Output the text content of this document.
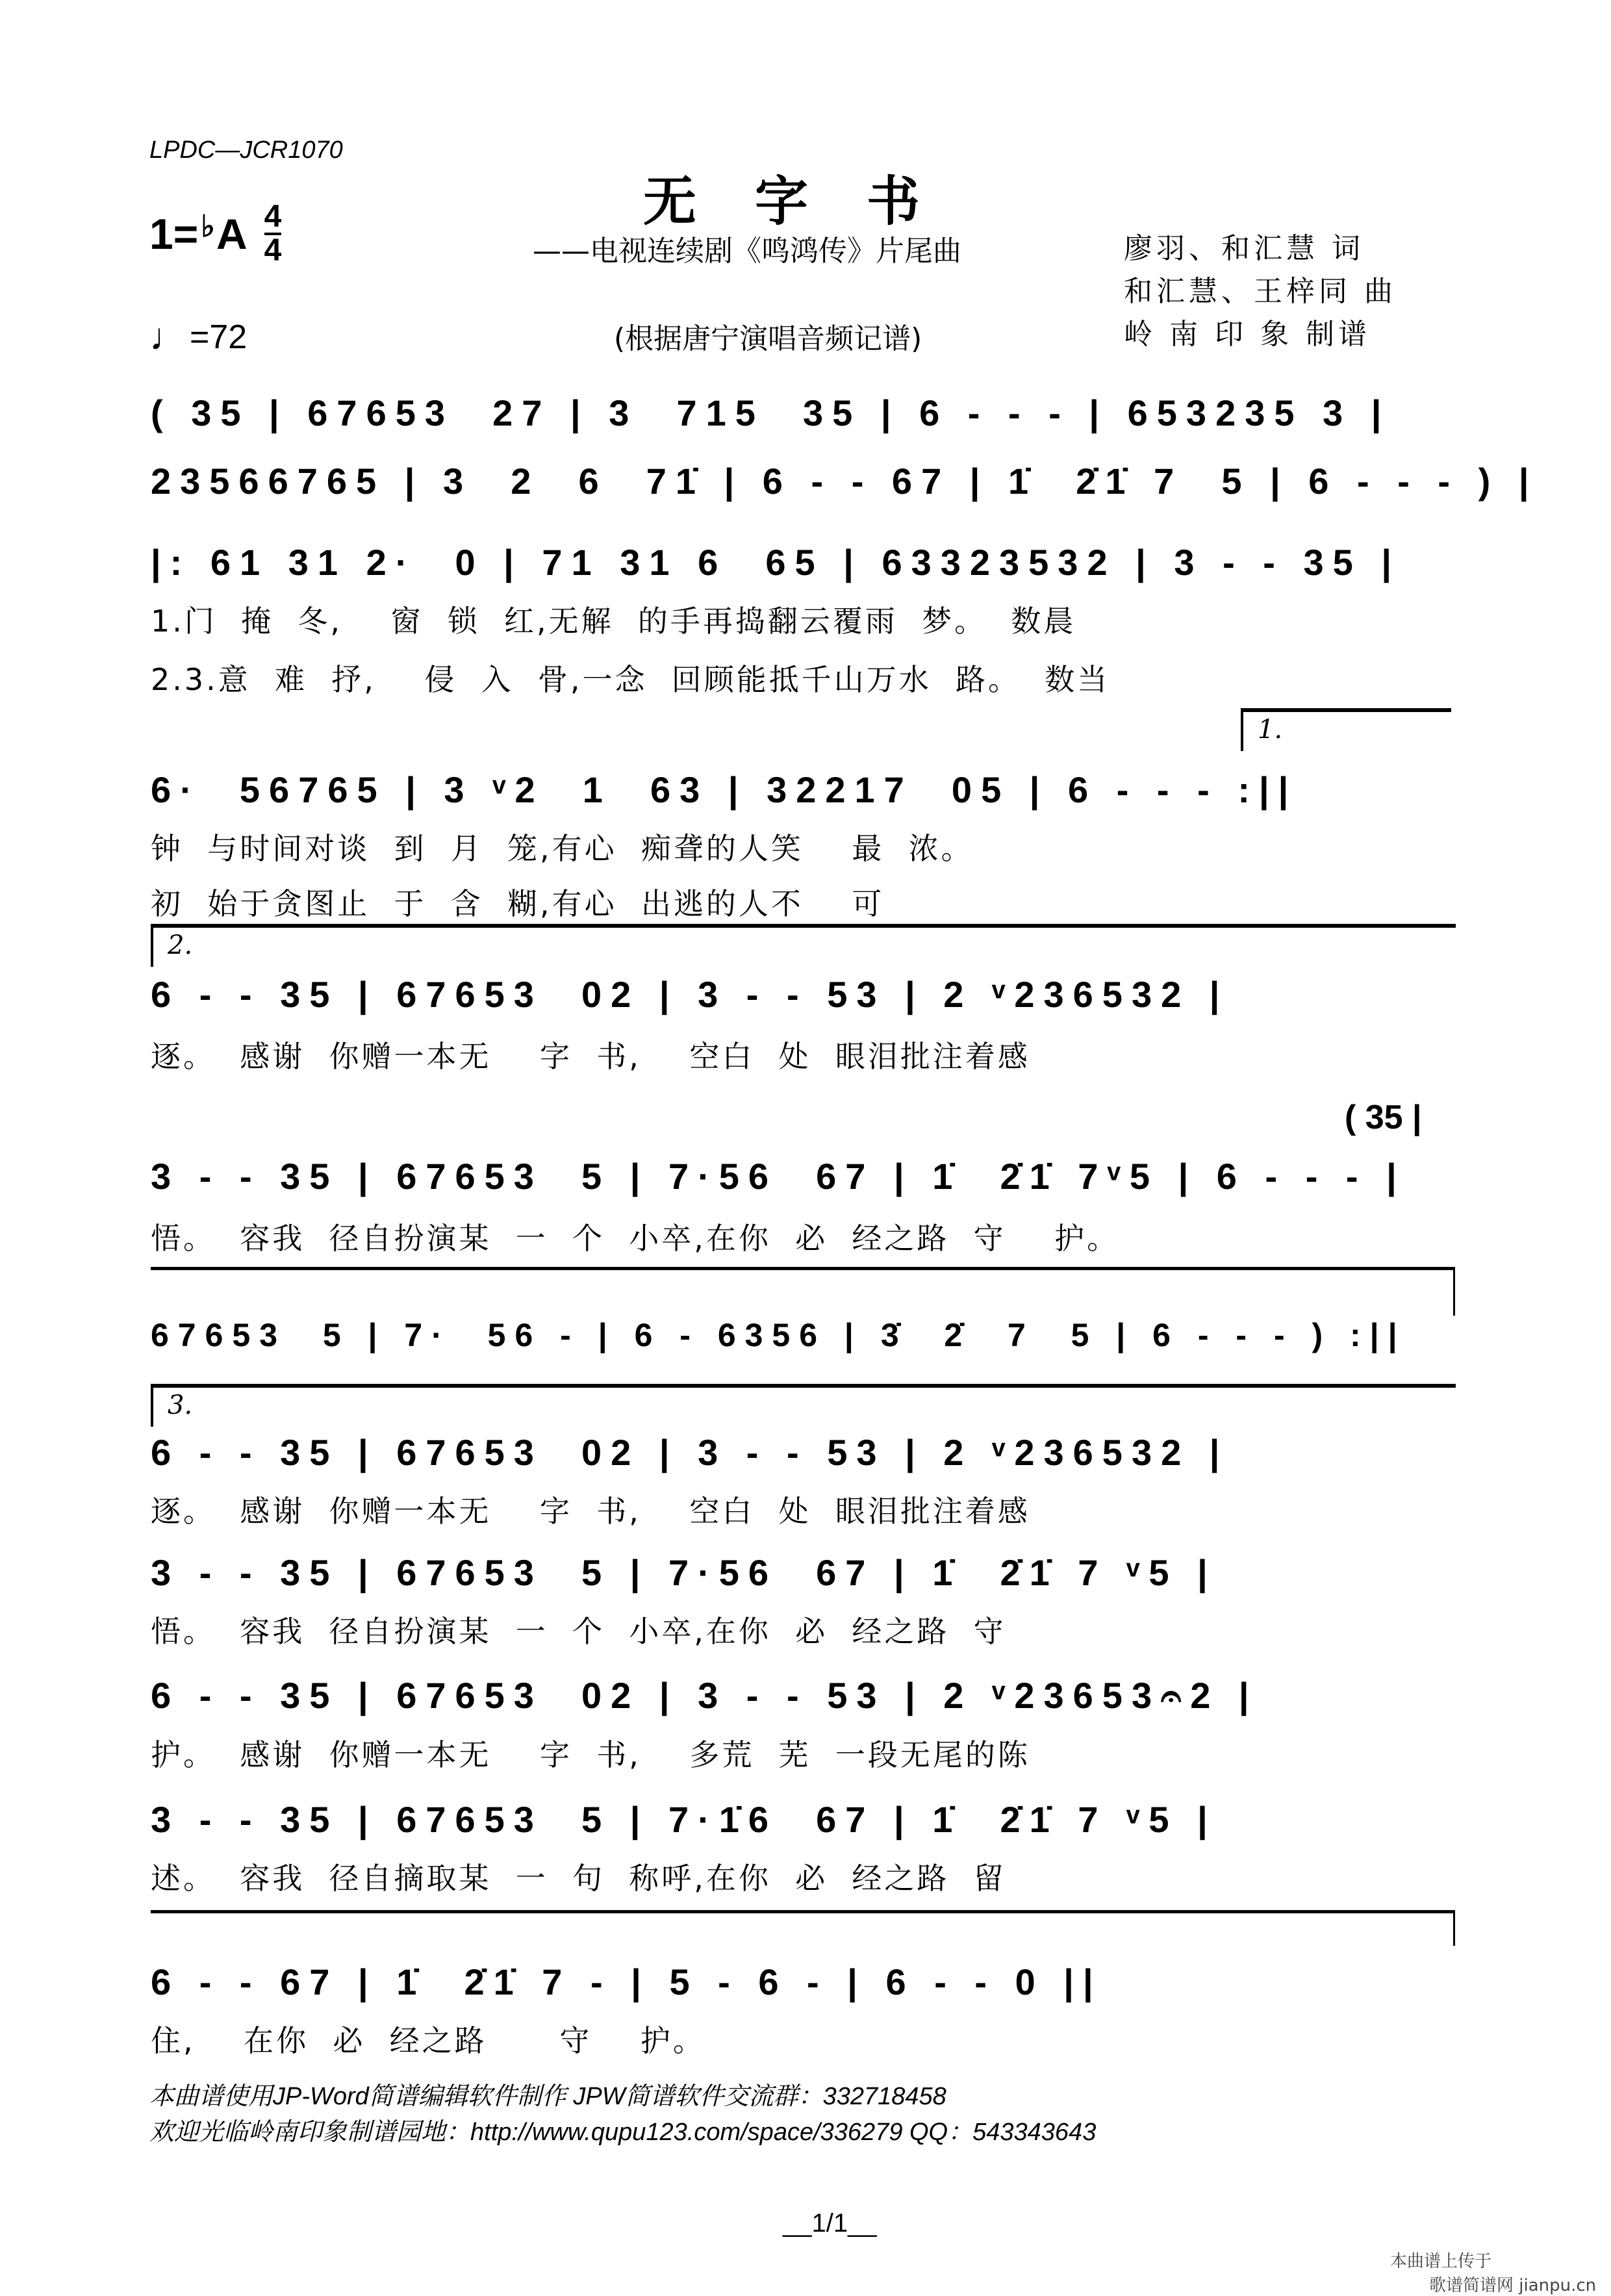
LPDC—JCR1070
无字书
1= ♭ A 4
4
♩ =72
——电视连续剧《鸣鸿传》片尾曲
(根据唐宁演唱音频记谱)
廖羽、和汇慧 词
和汇慧、王梓同 曲
岭 南 印 象 制谱
( 35 | 67653  27 | 3  715  35 | 6 - - - | 653235 3 |
23566765 | 3  2  6  71̇ | 6 - - 67 | 1̇  2̇1̇ 7  5 | 6 - - - ) |
|: 61 31 2·  0 | 71 31 6  65 | 63323532 | 3 - - 35 |
1.门  掩  冬,    窗  锁  红,无解  的手再捣翻云覆雨  梦。  数晨
2.3.意  难  抒,    侵  入  骨,一念  回顾能抵千山万水  路。  数当
1.
6·  56765 | 3 ᵛ2  1  63 | 32217  05 | 6 - - - :||
钟  与时间对谈  到  月  笼,有心  痴聋的人笑    最  浓。
初  始于贪图止  于  含  糊,有心  出逃的人不    可
2.
6 - - 35 | 67653  02 | 3 - - 53 | 2 ᵛ236532 |
逐。  感谢  你赠一本无    字  书,    空白  处  眼泪批注着感
( 35 |
3 - - 35 | 67653  5 | 7·56  67 | 1̇  2̇1̇ 7ᵛ5 | 6 - - - |
悟。  容我  径自扮演某  一  个  小卒,在你  必  经之路  守    护。
67653  5 | 7·  56 - | 6 - 6356 | 3̇  2̇  7  5 | 6 - - - ) :||
3.
6 - - 35 | 67653  02 | 3 - - 53 | 2 ᵛ236532 |
逐。  感谢  你赠一本无    字  书,    空白  处  眼泪批注着感
3 - - 35 | 67653  5 | 7·56  67 | 1̇  2̇1̇ 7 ᵛ5 |
悟。  容我  径自扮演某  一  个  小卒,在你  必  经之路  守
6 - - 35 | 67653  02 | 3 - - 53 | 2 ᵛ23653𝄐2 |
护。  感谢  你赠一本无    字  书,    多荒  芜  一段无尾的陈
3 - - 35 | 67653  5 | 7·1̇6  67 | 1̇  2̇1̇ 7 ᵛ5 |
述。  容我  径自摘取某  一  句  称呼,在你  必  经之路  留
6 - - 67 | 1̇  2̇1̇ 7 - | 5 - 6 - | 6 - - 0 ||
住,    在你  必  经之路      守    护。
本曲谱使用JP-Word简谱编辑软件制作 JPW简谱软件交流群：332718458
欢迎光临岭南印象制谱园地：http://www.qupu123.com/space/336279 QQ：543343643
__1/1__
本曲谱上传于
歌谱简谱网 jianpu.cn
